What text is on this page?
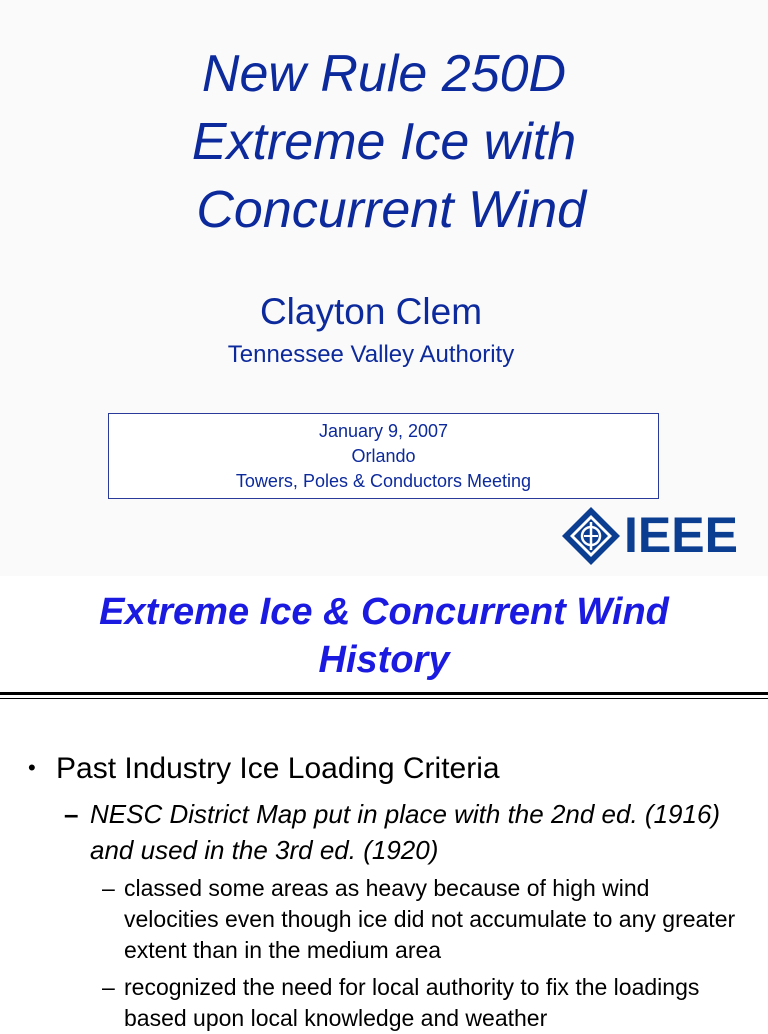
New Rule 250D
Extreme Ice with
Concurrent Wind
Clayton Clem
Tennessee Valley Authority
January 9, 2007
Orlando
Towers, Poles & Conductors Meeting
IEEE
Extreme Ice & Concurrent Wind
History
• Past Industry Ice Loading Criteria
– NESC District Map put in place with the 2nd ed. (1916) and used in the 3rd ed. (1920)
– classed some areas as heavy because of high wind velocities even though ice did not accumulate to any greater extent than in the medium area
– recognized the need for local authority to fix the loadings based upon local knowledge and weather
